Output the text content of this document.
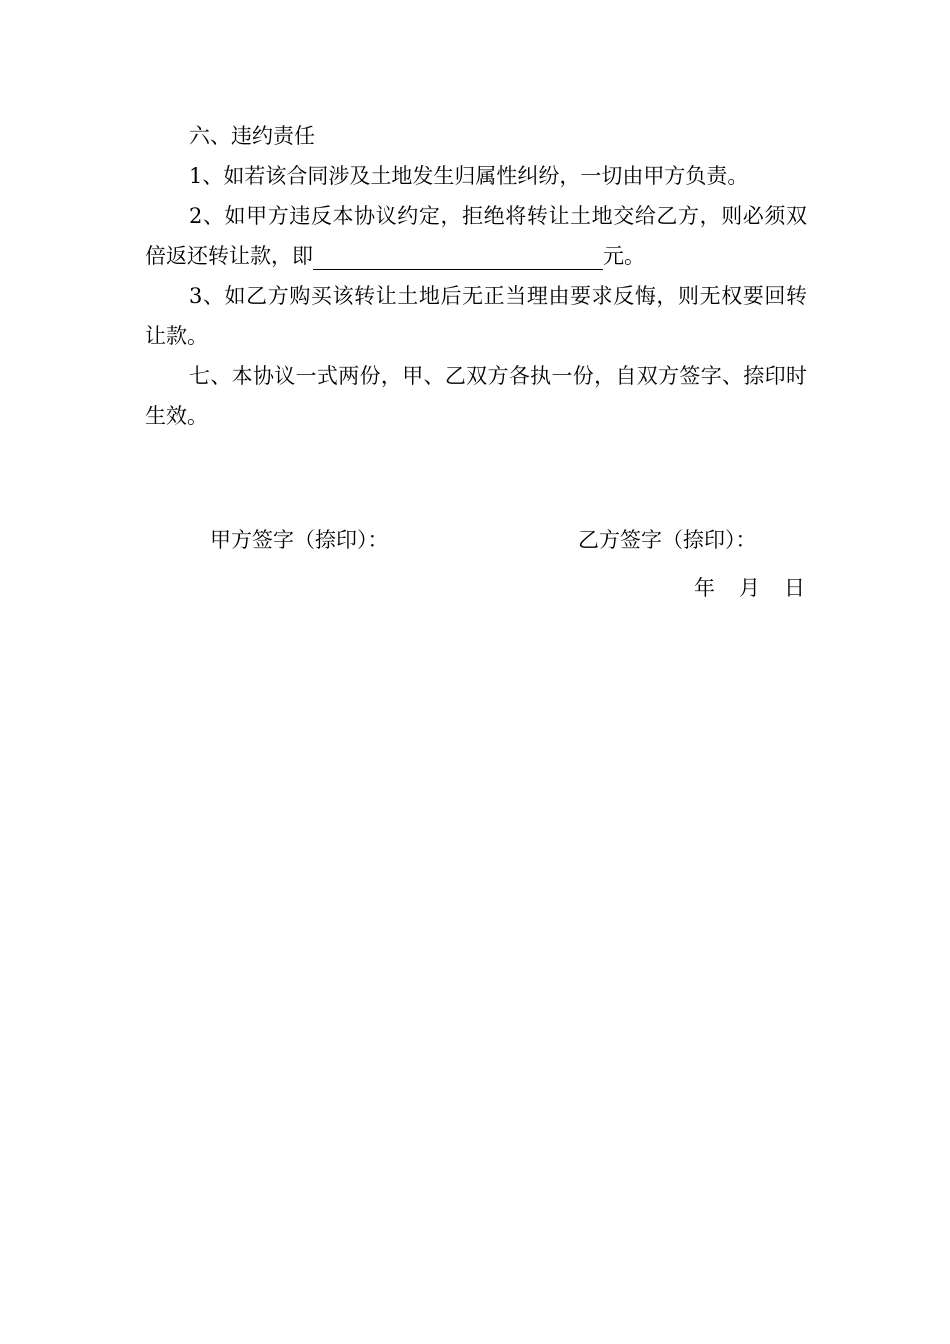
六、违约责任

1、如若该合同涉及土地发生归属性纠纷，一切由甲方负责。

2、如甲方违反本协议约定，拒绝将转让土地交给乙方，则必须双倍返还转让款，即	元。

3、如乙方购买该转让土地后无正当理由要求反悔，则无权要回转让款。

七、本协议一式两份，甲、乙双方各执一份，自双方签字、捺印时生效。

甲方签字（捺印）：	乙方签字（捺印）：
年 月 日
